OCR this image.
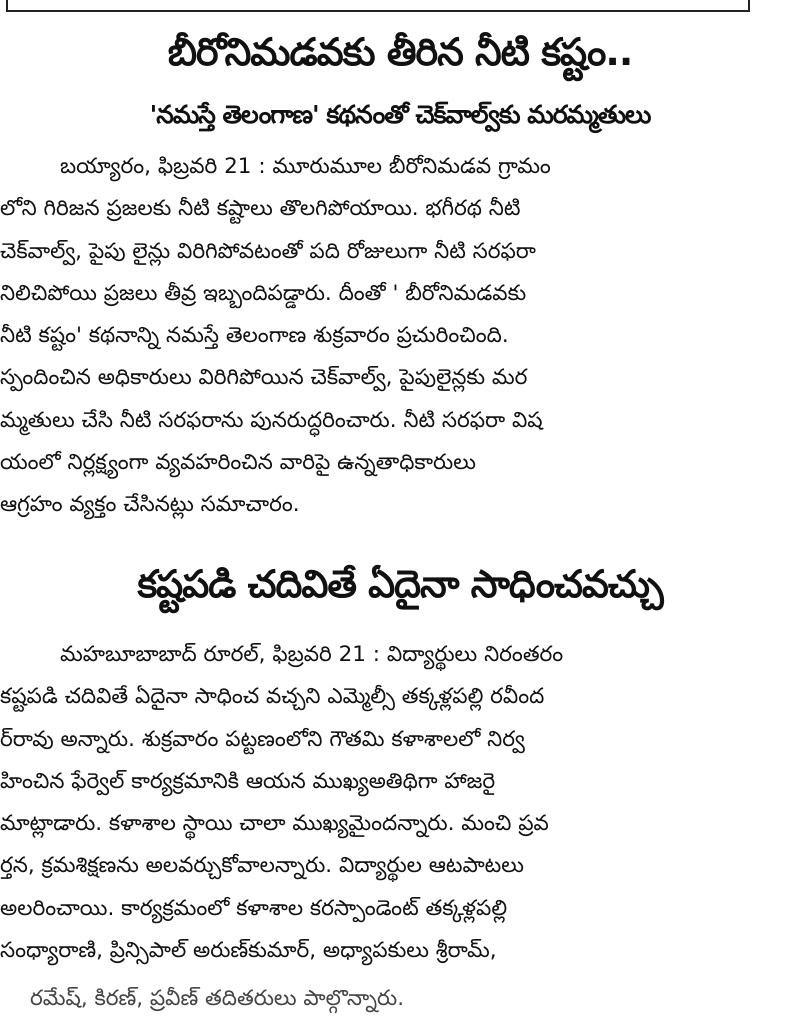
బీరోనిమడవకు తీరిన నీటి కష్టం..
'నమస్తే తెలంగాణ' కథనంతో చెక్‌వాల్వ్‌కు మరమ్మతులు
బయ్యారం, ఫిబ్రవరి 21 : మూరుమూల బీరోనిమడవ గ్రామం
లోని గిరిజన ప్రజలకు నీటి కష్టాలు తొలగిపోయాయి. భగీరథ నీటి
చెక్‌వాల్వ్, పైపు లైన్లు విరిగిపోవటంతో పది రోజులుగా నీటి సరఫరా
నిలిచిపోయి ప్రజలు తీవ్ర ఇబ్బందిపడ్డారు. దీంతో ' బీరోనిమడవకు
నీటి కష్టం' కథనాన్ని నమస్తే తెలంగాణ శుక్రవారం ప్రచురించింది.
స్పందించిన అధికారులు విరిగిపోయిన చెక్‌వాల్వ్, పైపులైన్లకు మర
మ్మతులు చేసి నీటి సరఫరాను పునరుద్ధరించారు. నీటి సరఫరా విష
యంలో నిర్లక్ష్యంగా వ్యవహరించిన వారిపై ఉన్నతాధికారులు
ఆగ్రహం వ్యక్తం చేసినట్లు సమాచారం.
కష్టపడి చదివితే ఏదైనా సాధించవచ్చు
మహబూబాబాద్ రూరల్, ఫిబ్రవరి 21 : విద్యార్థులు నిరంతరం
కష్టపడి చదివితే ఏదైనా సాధించ వచ్చని ఎమ్మెల్సీ తక్కళ్లపల్లి రవీంద
ర్‌రావు అన్నారు. శుక్రవారం పట్టణంలోని గౌతమి కళాశాలలో నిర్వ
హించిన ఫేర్వెల్ కార్యక్రమానికి ఆయన ముఖ్యఅతిథిగా హాజరై
మాట్లాడారు. కళాశాల స్థాయి చాలా ముఖ్యమైందన్నారు. మంచి ప్రవ
ర్తన, క్రమశిక్షణను అలవర్చుకోవాలన్నారు. విద్యార్థుల ఆటపాటలు
అలరించాయి. కార్యక్రమంలో కళాశాల కరస్పాండెంట్ తక్కళ్లపల్లి
సంధ్యారాణి, ప్రిన్సిపాల్ అరుణ్‌కుమార్, అధ్యాపకులు శ్రీరామ్,
రమేష్, కిరణ్, ప్రవీణ్ తదితరులు పాల్గొన్నారు.
